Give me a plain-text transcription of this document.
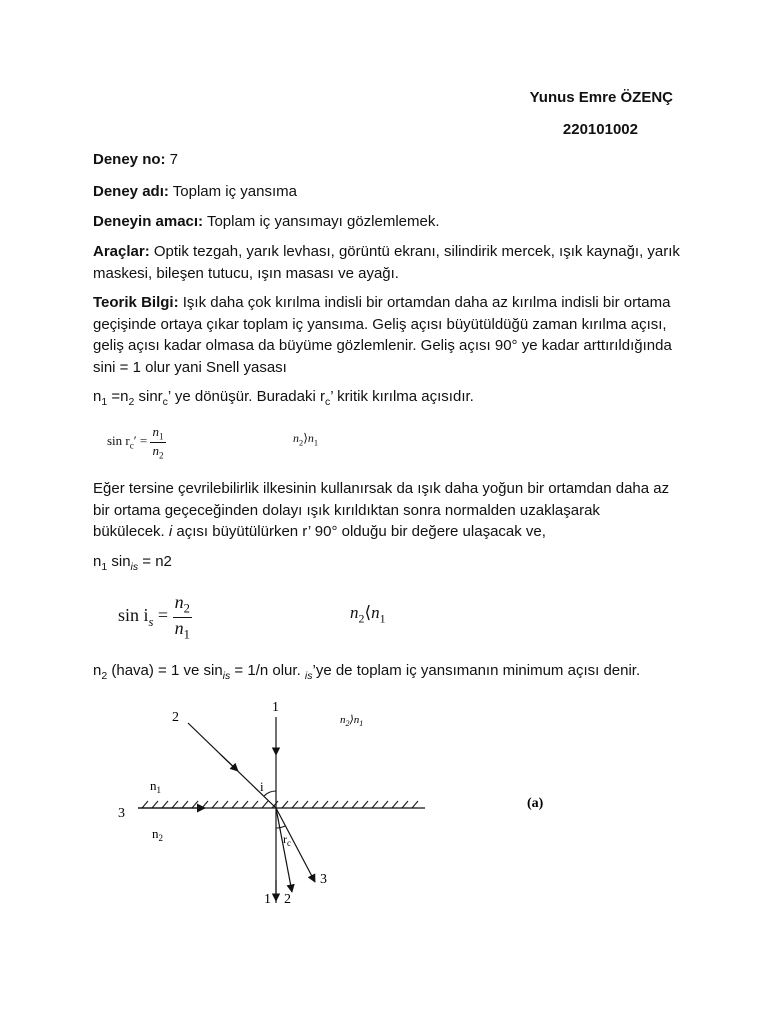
Yunus Emre ÖZENÇ
220101002
Deney no: 7
Deney adı: Toplam iç yansıma
Deneyin amacı: Toplam iç yansımayı gözlemlemek.
Araçlar: Optik tezgah, yarık levhası, görüntü ekranı, silindirik mercek, ışık kaynağı, yarık maskesi, bileşen tutucu, ışın masası ve ayağı.
Teorik Bilgi: Işık daha çok kırılma indisli bir ortamdan daha az kırılma indisli bir ortama geçişinde ortaya çıkar toplam iç yansıma. Geliş açısı büyütüldüğü zaman kırılma açısı, geliş açısı kadar olmasa da büyüme gözlemlenir. Geliş açısı 90° ye kadar arttırıldığında sini = 1 olur yani Snell yasası
$n_1 =n_2$ sinr$_c$’ ye dönüşür. Buradaki $r_c$’ kritik kırılma açısıdır.
$\sin r_c' = \frac{n_1}{n_2}$	$n_2⟩n_1$
Eğer tersine çevrilebilirlik ilkesinin kullanırsak da ışık daha yoğun bir ortamdan daha az bir ortama geçeceğinden dolayı ışık kırıldıktan sonra normalden uzaklaşarak bükülecek. i açısı büyütülürken r’ 90° olduğu bir değere ulaşacak ve,
$n_1$ $\sin_{is} = n2$
$\sin i_s = \frac{n_2}{n_1}$	$n_2⟨n_1$
$n_2$ (hava) = 1 ve $\sin_{is} = 1/n$ olur. $_{is}$’ye de toplam iç yansımanın minimum açısı denir.
2
1
3
i
$r_c$
$n_1$
$n_2$
$n_2⟩n_1$
1 2
3
(a)
